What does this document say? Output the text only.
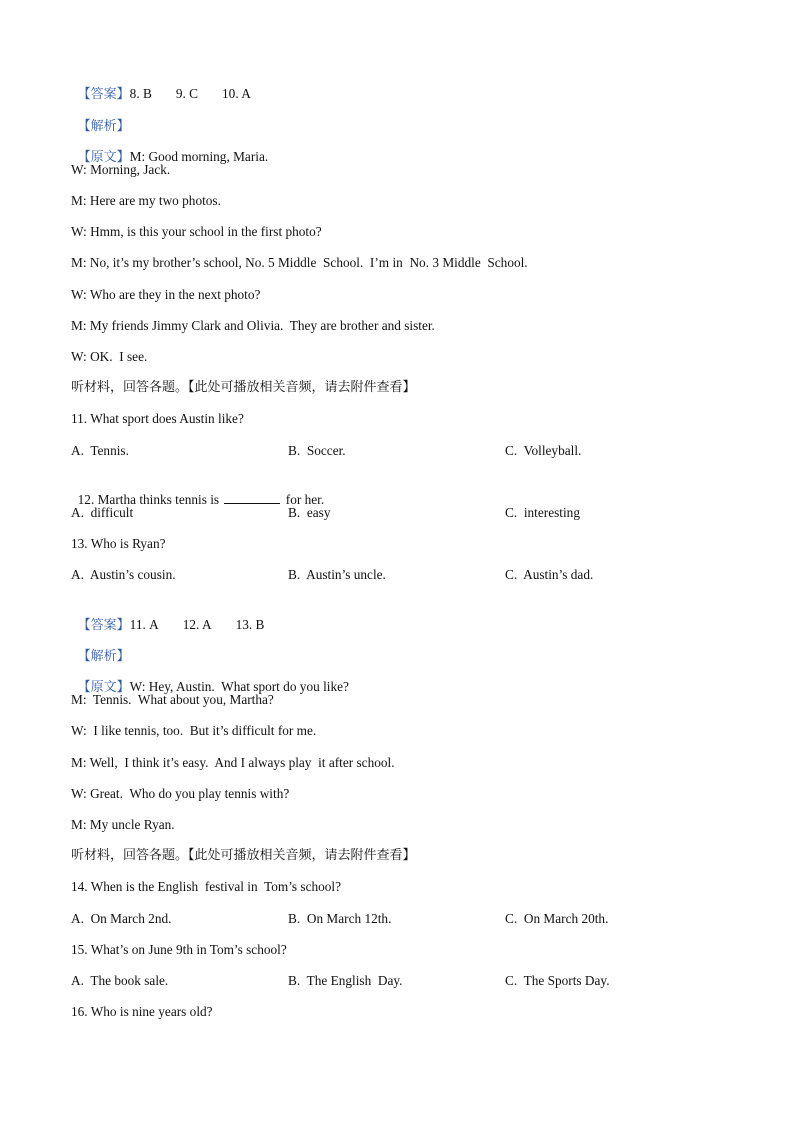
【答案】8. B 9. C 10. A

【解析】

【原文】M: Good morning, Maria.

W: Morning, Jack.
M: Here are my two photos.
W: Hmm, is this your school in the first photo?
M: No, it’s my brother’s school, No. 5 Middle  School.  I’m in  No. 3 Middle  School.
W: Who are they in the next photo?
M: My friends Jimmy Clark and Olivia.  They are brother and sister.
W: OK.  I see.
听材料，回答各题。【此处可播放相关音频，请去附件查看】
11. What sport does Austin like?
A.  Tennis.	B.  Soccer.	C.  Volleyball.

12. Martha thinks tennis is	for her.

A.  difficult	B.  easy	C.  interesting
13. Who is Ryan?
A.  Austin’s cousin.	B.  Austin’s uncle.	C.  Austin’s dad.

【答案】11. A 12. A 13. B

【解析】

【原文】W: Hey, Austin.  What sport do you like?

M:  Tennis.  What about you, Martha?
W:  I like tennis, too.  But it’s difficult for me.
M: Well,  I think it’s easy.  And I always play  it after school.
W: Great.  Who do you play tennis with?
M: My uncle Ryan.
听材料，回答各题。【此处可播放相关音频，请去附件查看】
14. When is the English  festival in  Tom’s school?
A.  On March 2nd.	B.  On March 12th.	C.  On March 20th.
15. What’s on June 9th in Tom’s school?
A.  The book sale.	B.  The English  Day.	C.  The Sports Day.
16. Who is nine years old?
